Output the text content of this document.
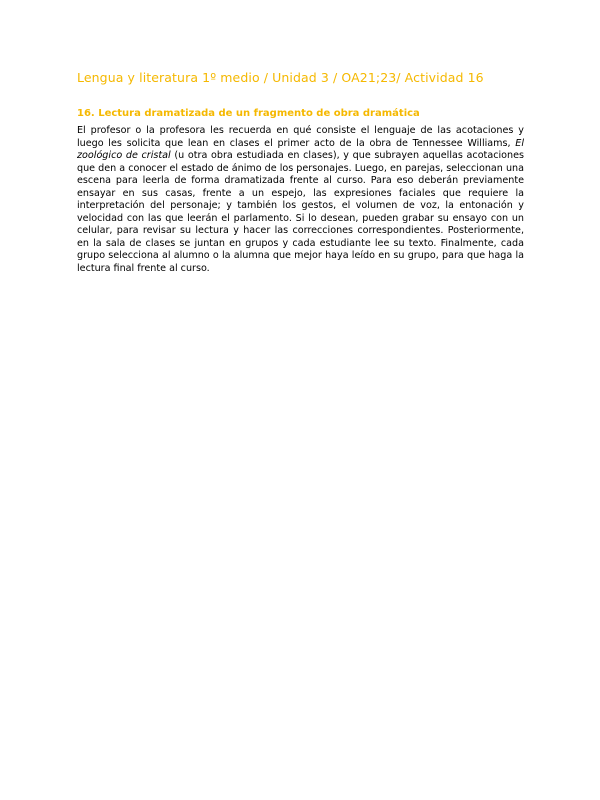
Lengua y literatura 1º medio / Unidad 3 / OA21;23/ Actividad 16
16. Lectura dramatizada de un fragmento de obra dramática

El profesor o la profesora les recuerda en qué consiste el lenguaje de las acotaciones y luego les solicita que lean en clases el primer acto de la obra de Tennessee Williams, El zoológico de cristal (u otra obra estudiada en clases), y que subrayen aquellas acotaciones que den a conocer el estado de ánimo de los personajes. Luego, en parejas, seleccionan una escena para leerla de forma dramatizada frente al curso. Para eso deberán previamente ensayar en sus casas, frente a un espejo, las expresiones faciales que requiere la interpretación del personaje; y también los gestos, el volumen de voz, la entonación y velocidad con las que leerán el parlamento. Si lo desean, pueden grabar su ensayo con un celular, para revisar su lectura y hacer las correcciones correspondientes. Posteriormente, en la sala de clases se juntan en grupos y cada estudiante lee su texto. Finalmente, cada grupo selecciona al alumno o la alumna que mejor haya leído en su grupo, para que haga la lectura final frente al curso.
